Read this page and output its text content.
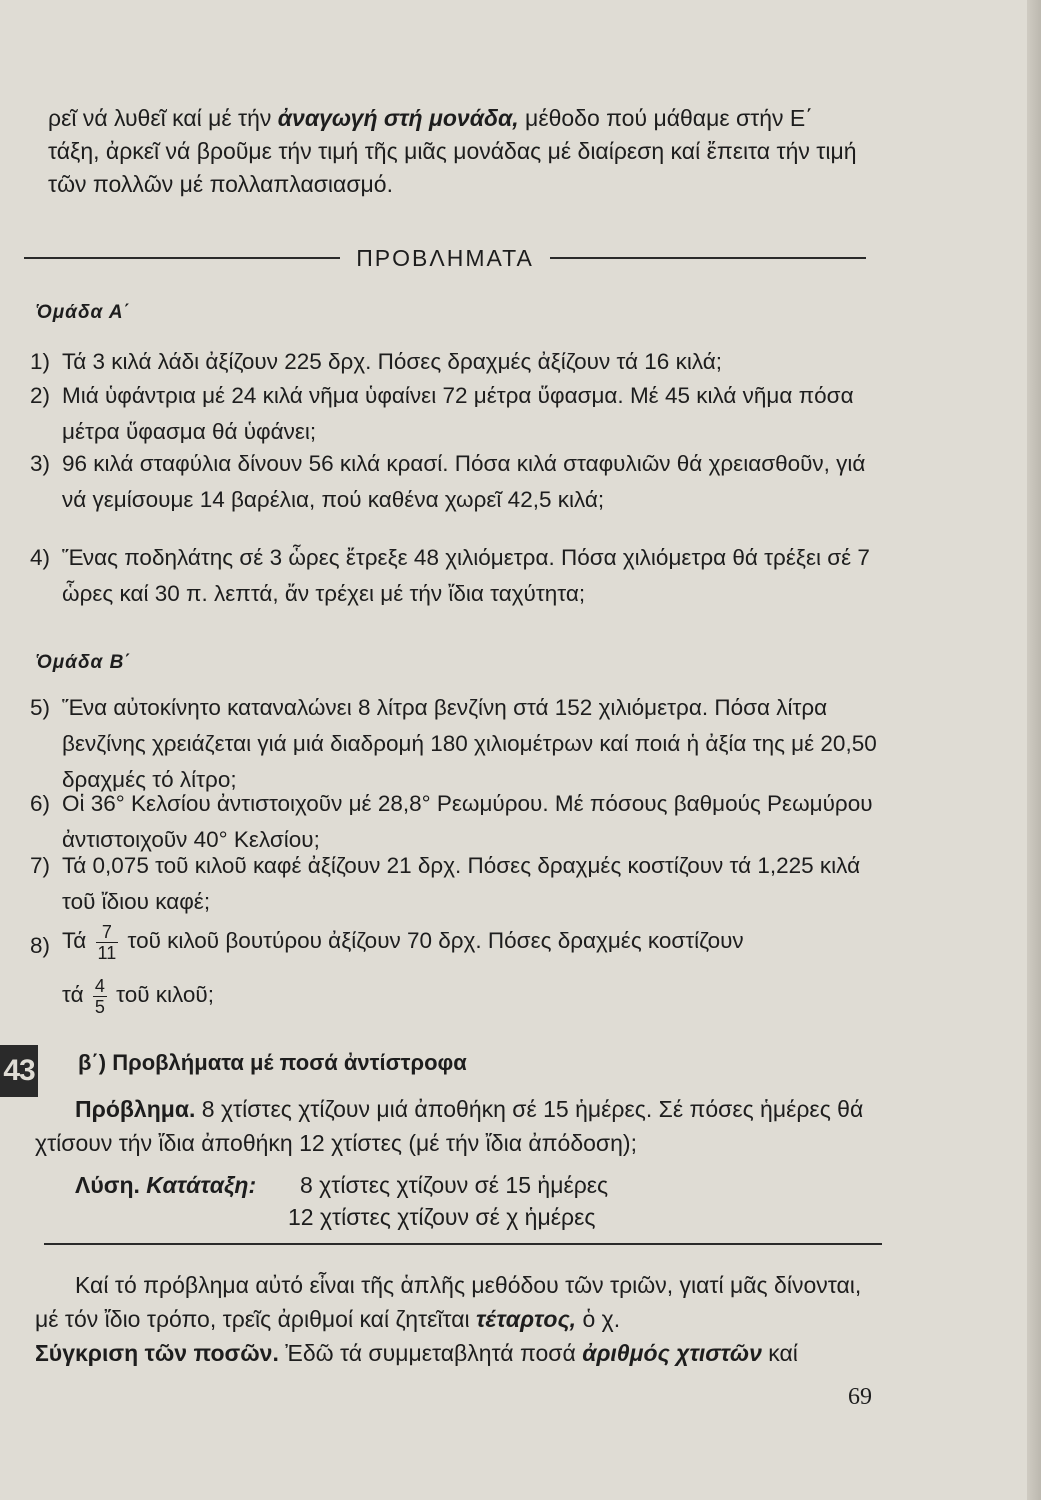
ρεῖ νά λυθεῖ καί μέ τήν ἀναγωγή στή μονάδα, μέθοδο πού μάθαμε στήν Ε΄ τάξη, ἀρκεῖ νά βροῦμε τήν τιμή τῆς μιᾶς μονάδας μέ διαίρεση καί ἔπειτα τήν τιμή τῶν πολλῶν μέ πολλαπλασιασμό.
ΠΡΟΒΛΗΜΑΤΑ
Ὁμάδα Α΄
1) Τά 3 κιλά λάδι ἀξίζουν 225 δρχ. Πόσες δραχμές ἀξίζουν τά 16 κιλά;
2) Μιά ὑφάντρια μέ 24 κιλά νῆμα ὑφαίνει 72 μέτρα ὕφασμα. Μέ 45 κιλά νῆμα πόσα μέτρα ὕφασμα θά ὑφάνει;
3) 96 κιλά σταφύλια δίνουν 56 κιλά κρασί. Πόσα κιλά σταφυλιῶν θά χρειασθοῦν, γιά νά γεμίσουμε 14 βαρέλια, πού καθένα χωρεῖ 42,5 κιλά;
4) Ἕνας ποδηλάτης σέ 3 ὧρες ἔτρεξε 48 χιλιόμετρα. Πόσα χιλιόμετρα θά τρέξει σέ 7 ὧρες καί 30 π. λεπτά, ἄν τρέχει μέ τήν ἴδια ταχύτητα;
Ὁμάδα Β΄
5) Ἕνα αὐτοκίνητο καταναλώνει 8 λίτρα βενζίνη στά 152 χιλιόμετρα. Πόσα λίτρα βενζίνης χρειάζεται γιά μιά διαδρομή 180 χιλιομέτρων καί ποιά ἡ ἀξία της μέ 20,50 δραχμές τό λίτρο;
6) Οἱ 36° Κελσίου ἀντιστοιχοῦν μέ 28,8° Ρεωμύρου. Μέ πόσους βαθμούς Ρεωμύρου ἀντιστοιχοῦν 40° Κελσίου;
7) Τά 0,075 τοῦ κιλοῦ καφέ ἀξίζουν 21 δρχ. Πόσες δραχμές κοστίζουν τά 1,225 κιλά τοῦ ἴδιου καφέ;
8) Τά $\frac{7}{11}$ τοῦ κιλοῦ βουτύρου ἀξίζουν 70 δρχ. Πόσες δραχμές κοστίζουν
τά $\frac{4}{5}$ τοῦ κιλοῦ;
43 β΄) Προβλήματα μέ ποσά ἀντίστροφα
Πρόβλημα. 8 χτίστες χτίζουν μιά ἀποθήκη σέ 15 ἡμέρες. Σέ πόσες ἡμέρες θά χτίσουν τήν ἴδια ἀποθήκη 12 χτίστες (μέ τήν ἴδια ἀπόδοση);
Λύση. Κατάταξη: 8 χτίστες χτίζουν σέ 15 ἡμέρες
12 χτίστες χτίζουν σέ χ ἡμέρες
Καί τό πρόβλημα αὐτό εἶναι τῆς ἁπλῆς μεθόδου τῶν τριῶν, γιατί μᾶς δίνονται, μέ τόν ἴδιο τρόπο, τρεῖς ἀριθμοί καί ζητεῖται τέταρτος, ὁ χ.
Σύγκριση τῶν ποσῶν. Ἐδῶ τά συμμεταβλητά ποσά ἀριθμός χτιστῶν καί
69
